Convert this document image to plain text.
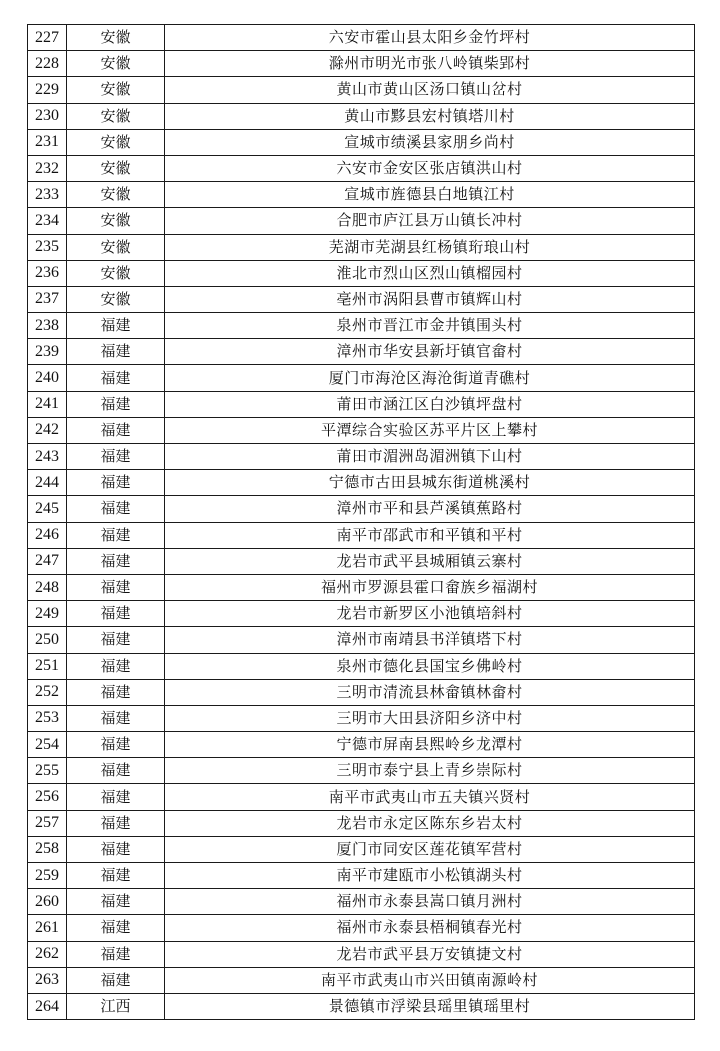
227	安徽	六安市霍山县太阳乡金竹坪村
228	安徽	滁州市明光市张八岭镇柴郢村
229	安徽	黄山市黄山区汤口镇山岔村
230	安徽	黄山市黟县宏村镇塔川村
231	安徽	宣城市绩溪县家朋乡尚村
232	安徽	六安市金安区张店镇洪山村
233	安徽	宣城市旌德县白地镇江村
234	安徽	合肥市庐江县万山镇长冲村
235	安徽	芜湖市芜湖县红杨镇珩琅山村
236	安徽	淮北市烈山区烈山镇榴园村
237	安徽	亳州市涡阳县曹市镇辉山村
238	福建	泉州市晋江市金井镇围头村
239	福建	漳州市华安县新圩镇官畲村
240	福建	厦门市海沧区海沧街道青礁村
241	福建	莆田市涵江区白沙镇坪盘村
242	福建	平潭综合实验区苏平片区上攀村
243	福建	莆田市湄洲岛湄洲镇下山村
244	福建	宁德市古田县城东街道桃溪村
245	福建	漳州市平和县芦溪镇蕉路村
246	福建	南平市邵武市和平镇和平村
247	福建	龙岩市武平县城厢镇云寨村
248	福建	福州市罗源县霍口畲族乡福湖村
249	福建	龙岩市新罗区小池镇培斜村
250	福建	漳州市南靖县书洋镇塔下村
251	福建	泉州市德化县国宝乡佛岭村
252	福建	三明市清流县林畲镇林畲村
253	福建	三明市大田县济阳乡济中村
254	福建	宁德市屏南县熙岭乡龙潭村
255	福建	三明市泰宁县上青乡崇际村
256	福建	南平市武夷山市五夫镇兴贤村
257	福建	龙岩市永定区陈东乡岩太村
258	福建	厦门市同安区莲花镇军营村
259	福建	南平市建瓯市小松镇湖头村
260	福建	福州市永泰县嵩口镇月洲村
261	福建	福州市永泰县梧桐镇春光村
262	福建	龙岩市武平县万安镇捷文村
263	福建	南平市武夷山市兴田镇南源岭村
264	江西	景德镇市浮梁县瑶里镇瑶里村
